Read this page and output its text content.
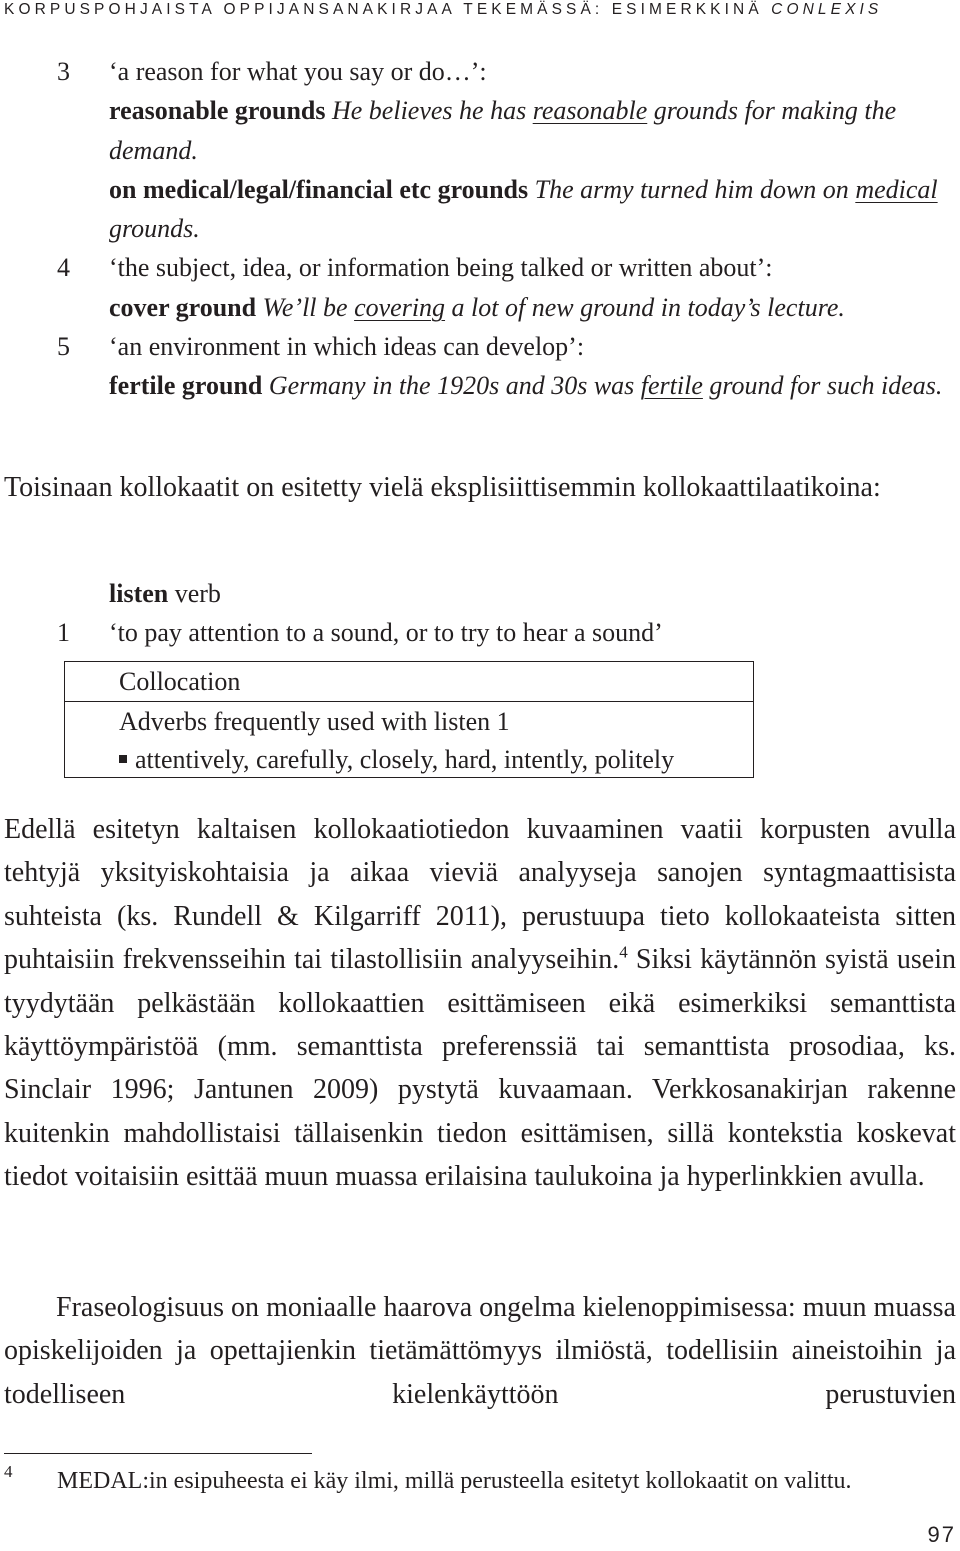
KORPUSPOHJAISTA OPPIJANSANAKIRJAA TEKEMÄSSÄ: ESIMERKKINÄ CONLEXIS
3 ‘a reason for what you say or do…’:
reasonable grounds He believes he has reasonable grounds for making the demand.
on medical/legal/financial etc grounds The army turned him down on medical grounds.
4 ‘the subject, idea, or information being talked or written about’:
cover ground We’ll be covering a lot of new ground in today’s lecture.
5 ‘an environment in which ideas can develop’:
fertile ground Germany in the 1920s and 30s was fertile ground for such ideas.
Toisinaan kollokaatit on esitetty vielä eksplisiittisemmin kollokaattilaatikoina:
listen verb
1 ‘to pay attention to a sound, or to try to hear a sound’
Collocation
Adverbs frequently used with listen 1
attentively, carefully, closely, hard, intently, politely
Edellä esitetyn kaltaisen kollokaatiotiedon kuvaaminen vaatii korpusten avulla tehtyjä yksityiskohtaisia ja aikaa vieviä analyyseja sanojen syntagmaattisista suhteista (ks. Rundell & Kilgarriff 2011), perustuupa tieto kollokaateista sitten puhtaisiin frekvensseihin tai tilastollisiin analyyseihin.$^4$ Siksi käytännön syistä usein tyydytään pelkästään kollokaattien esittämiseen eikä esimerkiksi semanttista käyttöympäristöä (mm. semanttista preferenssiä tai semanttista prosodiaa, ks. Sinclair 1996; Jantunen 2009) pystytä kuvaamaan. Verkkosanakirjan rakenne kuitenkin mahdollistaisi tällaisenkin tiedon esittämisen, sillä kontekstia koskevat tiedot voitaisiin esittää muun muassa erilaisina taulukoina ja hyperlinkkien avulla.
Fraseologisuus on moniaalle haarova ongelma kielenoppimisessa: muun muassa opiskelijoiden ja opettajienkin tietämättömyys ilmiöstä, todellisiin aineistoihin ja todelliseen kielenkäyttöön perustuvien
4 MEDAL:in esipuheesta ei käy ilmi, millä perusteella esitetyt kollokaatit on valittu.
97
